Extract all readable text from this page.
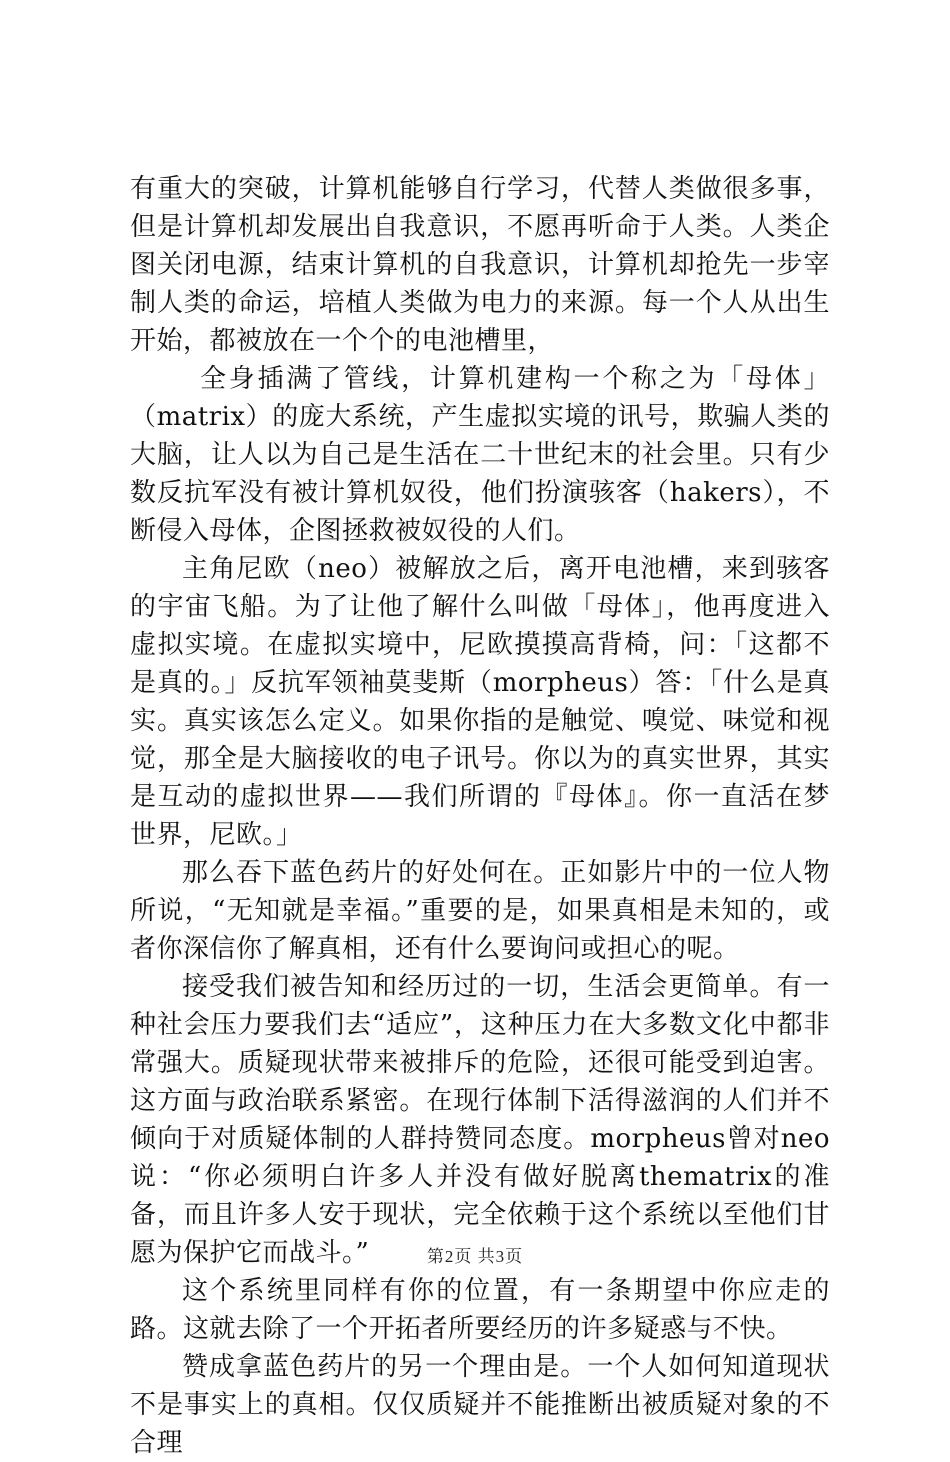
有重大的突破，计算机能够自行学习，代替人类做很多事，但是计算机却发展出自我意识，不愿再听命于人类。人类企图关闭电源，结束计算机的自我意识，计算机却抢先一步宰制人类的命运，培植人类做为电力的来源。每一个人从出生开始，都被放在一个个的电池槽里，

全身插满了管线，计算机建构一个称之为「母体」（matrix）的庞大系统，产生虚拟实境的讯号，欺骗人类的大脑，让人以为自己是生活在二十世纪末的社会里。只有少数反抗军没有被计算机奴役，他们扮演骇客（hakers），不断侵入母体，企图拯救被奴役的人们。

主角尼欧（neo）被解放之后，离开电池槽，来到骇客的宇宙飞船。为了让他了解什么叫做「母体」，他再度进入虚拟实境。在虚拟实境中，尼欧摸摸高背椅，问：「这都不是真的。」反抗军领袖莫斐斯（morpheus）答：「什么是真实。真实该怎么定义。如果你指的是触觉、嗅觉、味觉和视觉，那全是大脑接收的电子讯号。你以为的真实世界，其实是互动的虚拟世界——我们所谓的『母体』。你一直活在梦世界，尼欧。」

那么吞下蓝色药片的好处何在。正如影片中的一位人物所说，“无知就是幸福。”重要的是，如果真相是未知的，或者你深信你了解真相，还有什么要询问或担心的呢。

接受我们被告知和经历过的一切，生活会更简单。有一种社会压力要我们去“适应”，这种压力在大多数文化中都非常强大。质疑现状带来被排斥的危险，还很可能受到迫害。这方面与政治联系紧密。在现行体制下活得滋润的人们并不倾向于对质疑体制的人群持赞同态度。morpheus曾对neo说：“你必须明白许多人并没有做好脱离thematrix的准备，而且许多人安于现状，完全依赖于这个系统以至他们甘愿为保护它而战斗。”

这个系统里同样有你的位置，有一条期望中你应走的路。这就去除了一个开拓者所要经历的许多疑惑与不快。

赞成拿蓝色药片的另一个理由是。一个人如何知道现状不是事实上的真相。仅仅质疑并不能推断出被质疑对象的不合理

第2页 共3页
